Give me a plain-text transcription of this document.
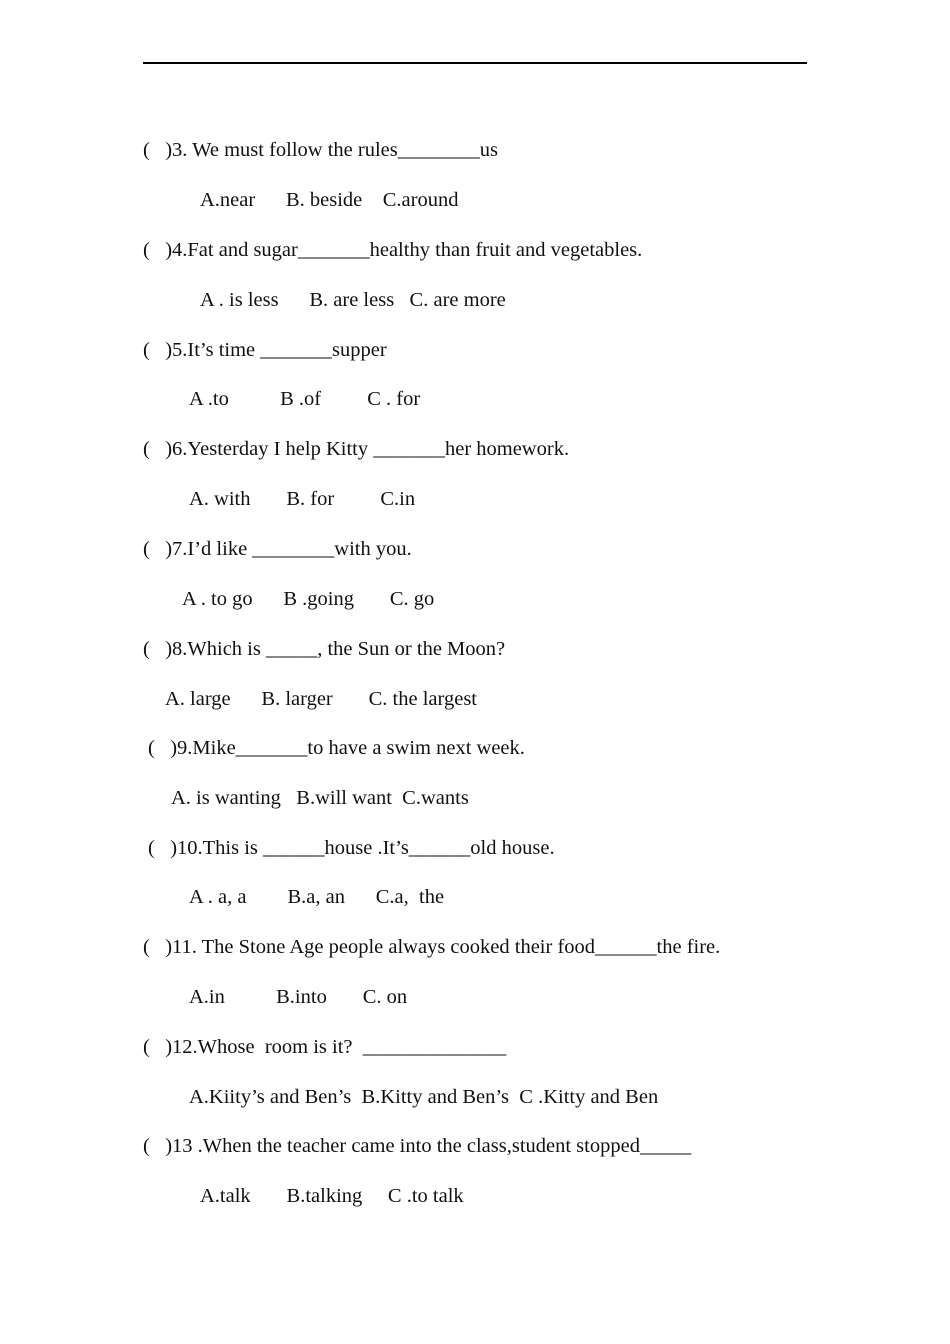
(   )3. We must follow the rules________us
A.near      B. beside    C.around
(   )4.Fat and sugar_______healthy than fruit and vegetables.
A . is less      B. are less   C. are more
(   )5.It’s time _______supper
A .to          B .of         C . for
(   )6.Yesterday I help Kitty _______her homework.
A. with       B. for         C.in
(   )7.I’d like ________with you.
A . to go      B .going       C. go
(   )8.Which is _____, the Sun or the Moon?
A. large      B. larger       C. the largest
(   )9.Mike_______to have a swim next week.
A. is wanting   B.will want  C.wants
(   )10.This is ______house .It’s______old house.
A . a, a        B.a, an      C.a,  the
(   )11. The Stone Age people always cooked their food______the fire.
A.in          B.into       C. on
(   )12.Whose  room is it?  ______________
A.Kiity’s and Ben’s  B.Kitty and Ben’s  C .Kitty and Ben
(   )13 .When the teacher came into the class,student stopped_____
A.talk       B.talking     C .to talk
